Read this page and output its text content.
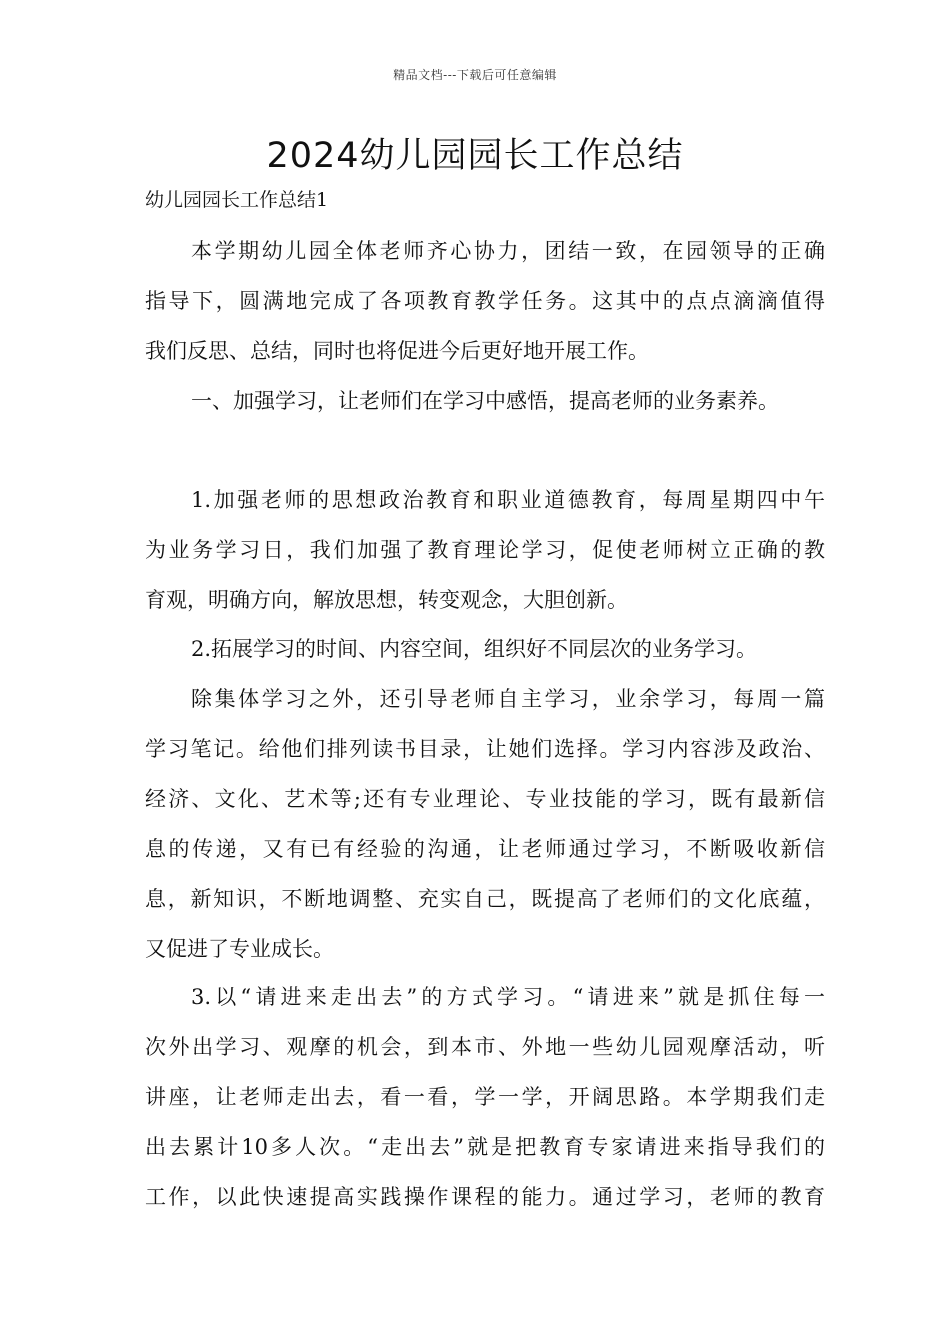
精品文档---下载后可任意编辑
2024幼儿园园长工作总结
幼儿园园长工作总结1
本学期幼儿园全体老师齐心协力，团结一致，在园领导的正确
指导下，圆满地完成了各项教育教学任务。这其中的点点滴滴值得
我们反思、总结，同时也将促进今后更好地开展工作。
一、加强学习，让老师们在学习中感悟，提高老师的业务素养。
1.加强老师的思想政治教育和职业道德教育，每周星期四中午
为业务学习日，我们加强了教育理论学习，促使老师树立正确的教
育观，明确方向，解放思想，转变观念，大胆创新。
2.拓展学习的时间、内容空间，组织好不同层次的业务学习。
除集体学习之外，还引导老师自主学习，业余学习，每周一篇
学习笔记。给他们排列读书目录，让她们选择。学习内容涉及政治、
经济、文化、艺术等;还有专业理论、专业技能的学习，既有最新信
息的传递，又有已有经验的沟通，让老师通过学习，不断吸收新信
息，新知识，不断地调整、充实自己，既提高了老师们的文化底蕴，
又促进了专业成长。
3.以“请进来走出去”的方式学习。“请进来”就是抓住每一
次外出学习、观摩的机会，到本市、外地一些幼儿园观摩活动，听
讲座，让老师走出去，看一看，学一学，开阔思路。本学期我们走
出去累计10多人次。“走出去”就是把教育专家请进来指导我们的
工作，以此快速提高实践操作课程的能力。通过学习，老师的教育
